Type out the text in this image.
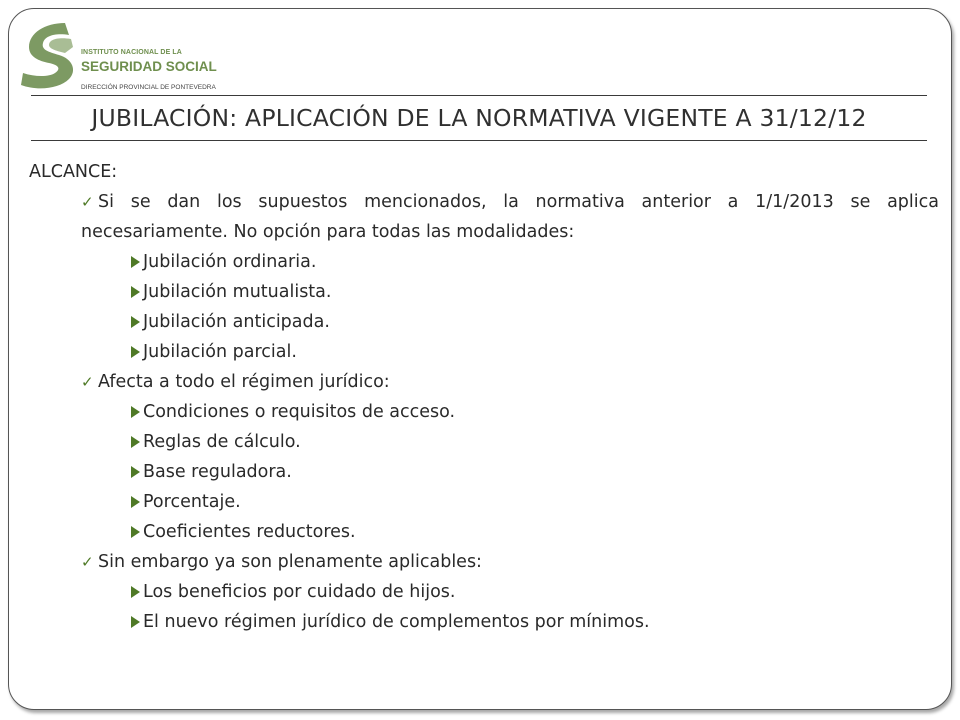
INSTITUTO NACIONAL DE LA
SEGURIDAD SOCIAL
DIRECCIÓN PROVINCIAL DE PONTEVEDRA
JUBILACIÓN: APLICACIÓN DE LA NORMATIVA VIGENTE A 31/12/12
ALCANCE:
✓ Si se dan los supuestos mencionados, la normativa anterior a 1/1/2013 se aplica necesariamente. No opción para todas las modalidades:
Jubilación ordinaria.
Jubilación mutualista.
Jubilación anticipada.
Jubilación parcial.
✓ Afecta a todo el régimen jurídico:
Condiciones o requisitos de acceso.
Reglas de cálculo.
Base reguladora.
Porcentaje.
Coeficientes reductores.
✓ Sin embargo ya son plenamente aplicables:
Los beneficios por cuidado de hijos.
El nuevo régimen jurídico de complementos por mínimos.
